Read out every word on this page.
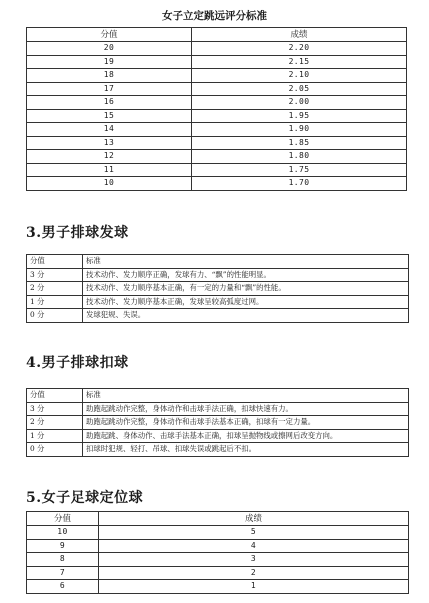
女子立定跳远评分标准
分值	成绩
20	2.20
19	2.15
18	2.10
17	2.05
16	2.00
15	1.95
14	1.90
13	1.85
12	1.80
11	1.75
10	1.70
3.男子排球发球
分值	标准
3 分	技术动作、发力顺序正确，发球有力、“飘”的性能明显。
2 分	技术动作、发力顺序基本正确，有一定的力量和“飘”的性能。
1 分	技术动作、发力顺序基本正确，发球呈较高弧度过网。
0 分	发球犯规、失误。
4.男子排球扣球
分值	标准
3 分	助跑起跳动作完整，身体动作和击球手法正确，扣球快速有力。
2 分	助跑起跳动作完整，身体动作和击球手法基本正确，扣球有一定力量。
1 分	助跑起跳、身体动作、击球手法基本正确，扣球呈抛物线或擦网后改变方向。
0 分	扣球时犯规、轻打、吊球、扣球失误或跳起后不扣。
5.女子足球定位球
分值	成绩
10	5
9	4
8	3
7	2
6	1
